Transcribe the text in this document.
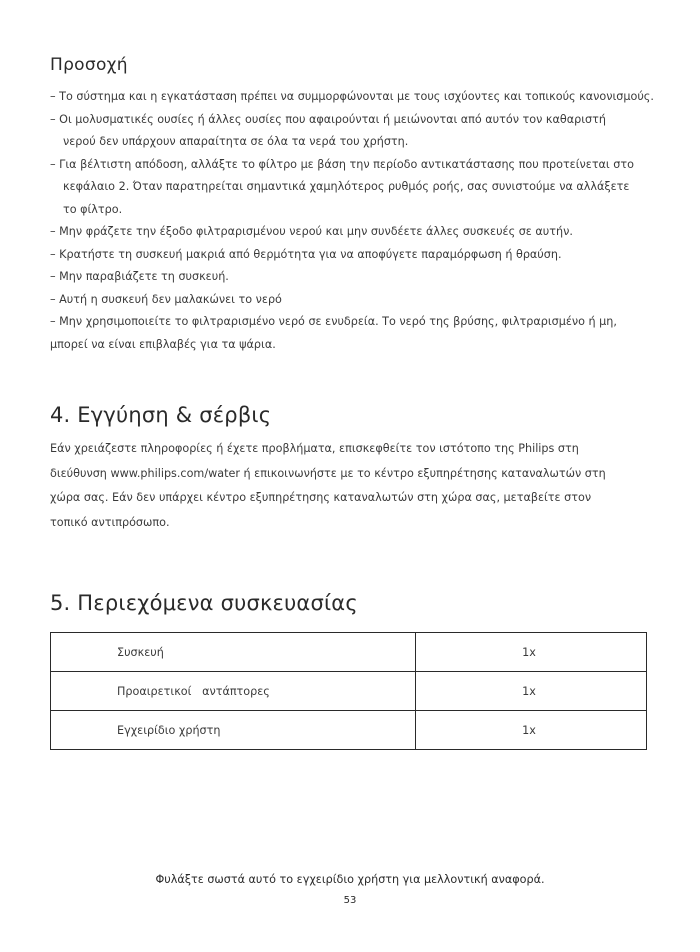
Προσοχή
– Το σύστημα και η εγκατάσταση πρέπει να συμμορφώνονται με τους ισχύοντες και τοπικούς κανονισμούς.
– Οι μολυσματικές ουσίες ή άλλες ουσίες που αφαιρούνται ή μειώνονται από αυτόν τον καθαριστή
νερού δεν υπάρχουν απαραίτητα σε όλα τα νερά του χρήστη.
– Για βέλτιστη απόδοση, αλλάξτε το φίλτρο με βάση την περίοδο αντικατάστασης που προτείνεται στο
κεφάλαιο 2. Όταν παρατηρείται σημαντικά χαμηλότερος ρυθμός ροής, σας συνιστούμε να αλλάξετε
το φίλτρο.
– Μην φράζετε την έξοδο φιλτραρισμένου νερού και μην συνδέετε άλλες συσκευές σε αυτήν.
– Κρατήστε τη συσκευή μακριά από θερμότητα για να αποφύγετε παραμόρφωση ή θραύση.
– Μην παραβιάζετε τη συσκευή.
– Αυτή η συσκευή δεν μαλακώνει το νερό
– Μην χρησιμοποιείτε το φιλτραρισμένο νερό σε ενυδρεία. Το νερό της βρύσης, φιλτραρισμένο ή μη,
μπορεί να είναι επιβλαβές για τα ψάρια.
4. Εγγύηση & σέρβις

Εάν χρειάζεστε πληροφορίες ή έχετε προβλήματα, επισκεφθείτε τον ιστότοπο της Philips στη
διεύθυνση www.philips.com/water ή επικοινωνήστε με το κέντρο εξυπηρέτησης καταναλωτών στη
χώρα σας. Εάν δεν υπάρχει κέντρο εξυπηρέτησης καταναλωτών στη χώρα σας, μεταβείτε στον
τοπικό αντιπρόσωπο.

5. Περιεχόμενα συσκευασίας
Συσκευή	1x
Προαιρετικοί   αντάπτορες	1x
Εγχειρίδιο χρήστη	1x
Φυλάξτε σωστά αυτό το εγχειρίδιο χρήστη για μελλοντική αναφορά.
53
